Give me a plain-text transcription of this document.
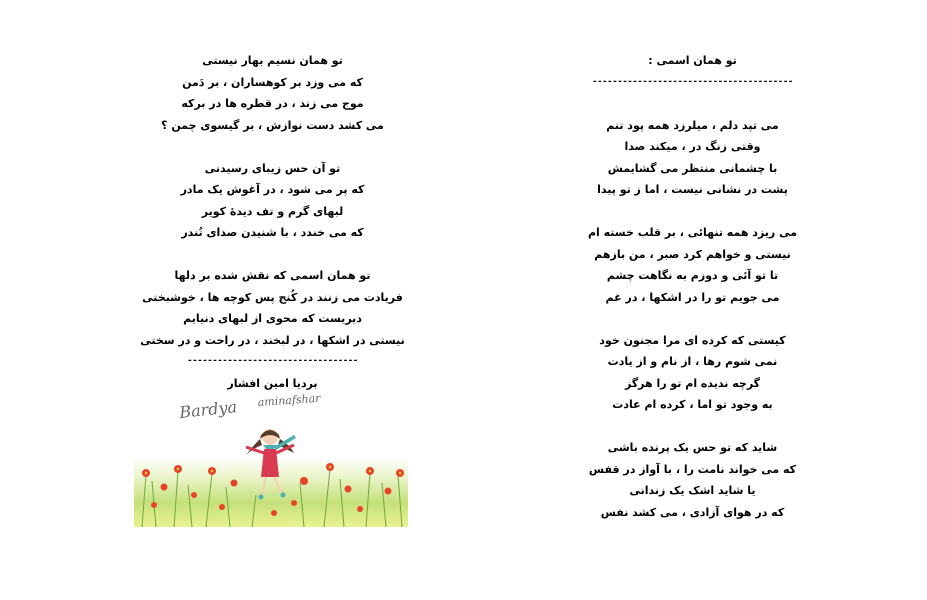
تو همان نسیم بهار نیستی
که می وزد بر کوهساران ، بر دَمن
موج می زند ، در قطره ها در برکه
می کشد دست نوازش ، بر گیسوی چمن ؟
تو آن حس زیبای رسیدنی
که پر می شود ، در آغوش یک مادر
لبهای گرم و تف دیدهٔ کویر
که می خندد ، با شنیدن صدای تُندر
تو همان اسمی که نقش شده بر دلها
فریادت می زنند در کُنج پس کوچه ها ، خوشبختی
دیریست که محوی از لبهای دنیایم
نیستی در اشکها ، در لبخند ، در راحت و در سختی
----------------------------------
بردیا امین افشار
Bardya aminafshar
تو همان اسمی :
----------------------------------------
می تپد دلم ، میلرزد همه پود تنم
وقتی زنگ در ، میکند صدا
با چشمانی منتظر می گشایمش
پشت در نشانی نیست ، اما ز تو پیدا
می ریزد همه تنهائی ، بر قلب خسته ام
نیستی و خواهم کرد صبر ، من بازهم
تا تو آئی و دوزم به نگاهت چشم
می جویم تو را در اشکها ، در غم
کیستی که کرده ای مرا مجنون خود
نمی شوم رها ، از نام و از یادت
گرچه ندیده ام تو را هرگز
به وجود تو اما ، کرده ام عادت
شاید که تو حس یک پرنده باشی
که می خواند نامت را ، با آواز در قفس
یا شاید اشک یک زندانی
که در هوای آزادی ، می کشد نفس
